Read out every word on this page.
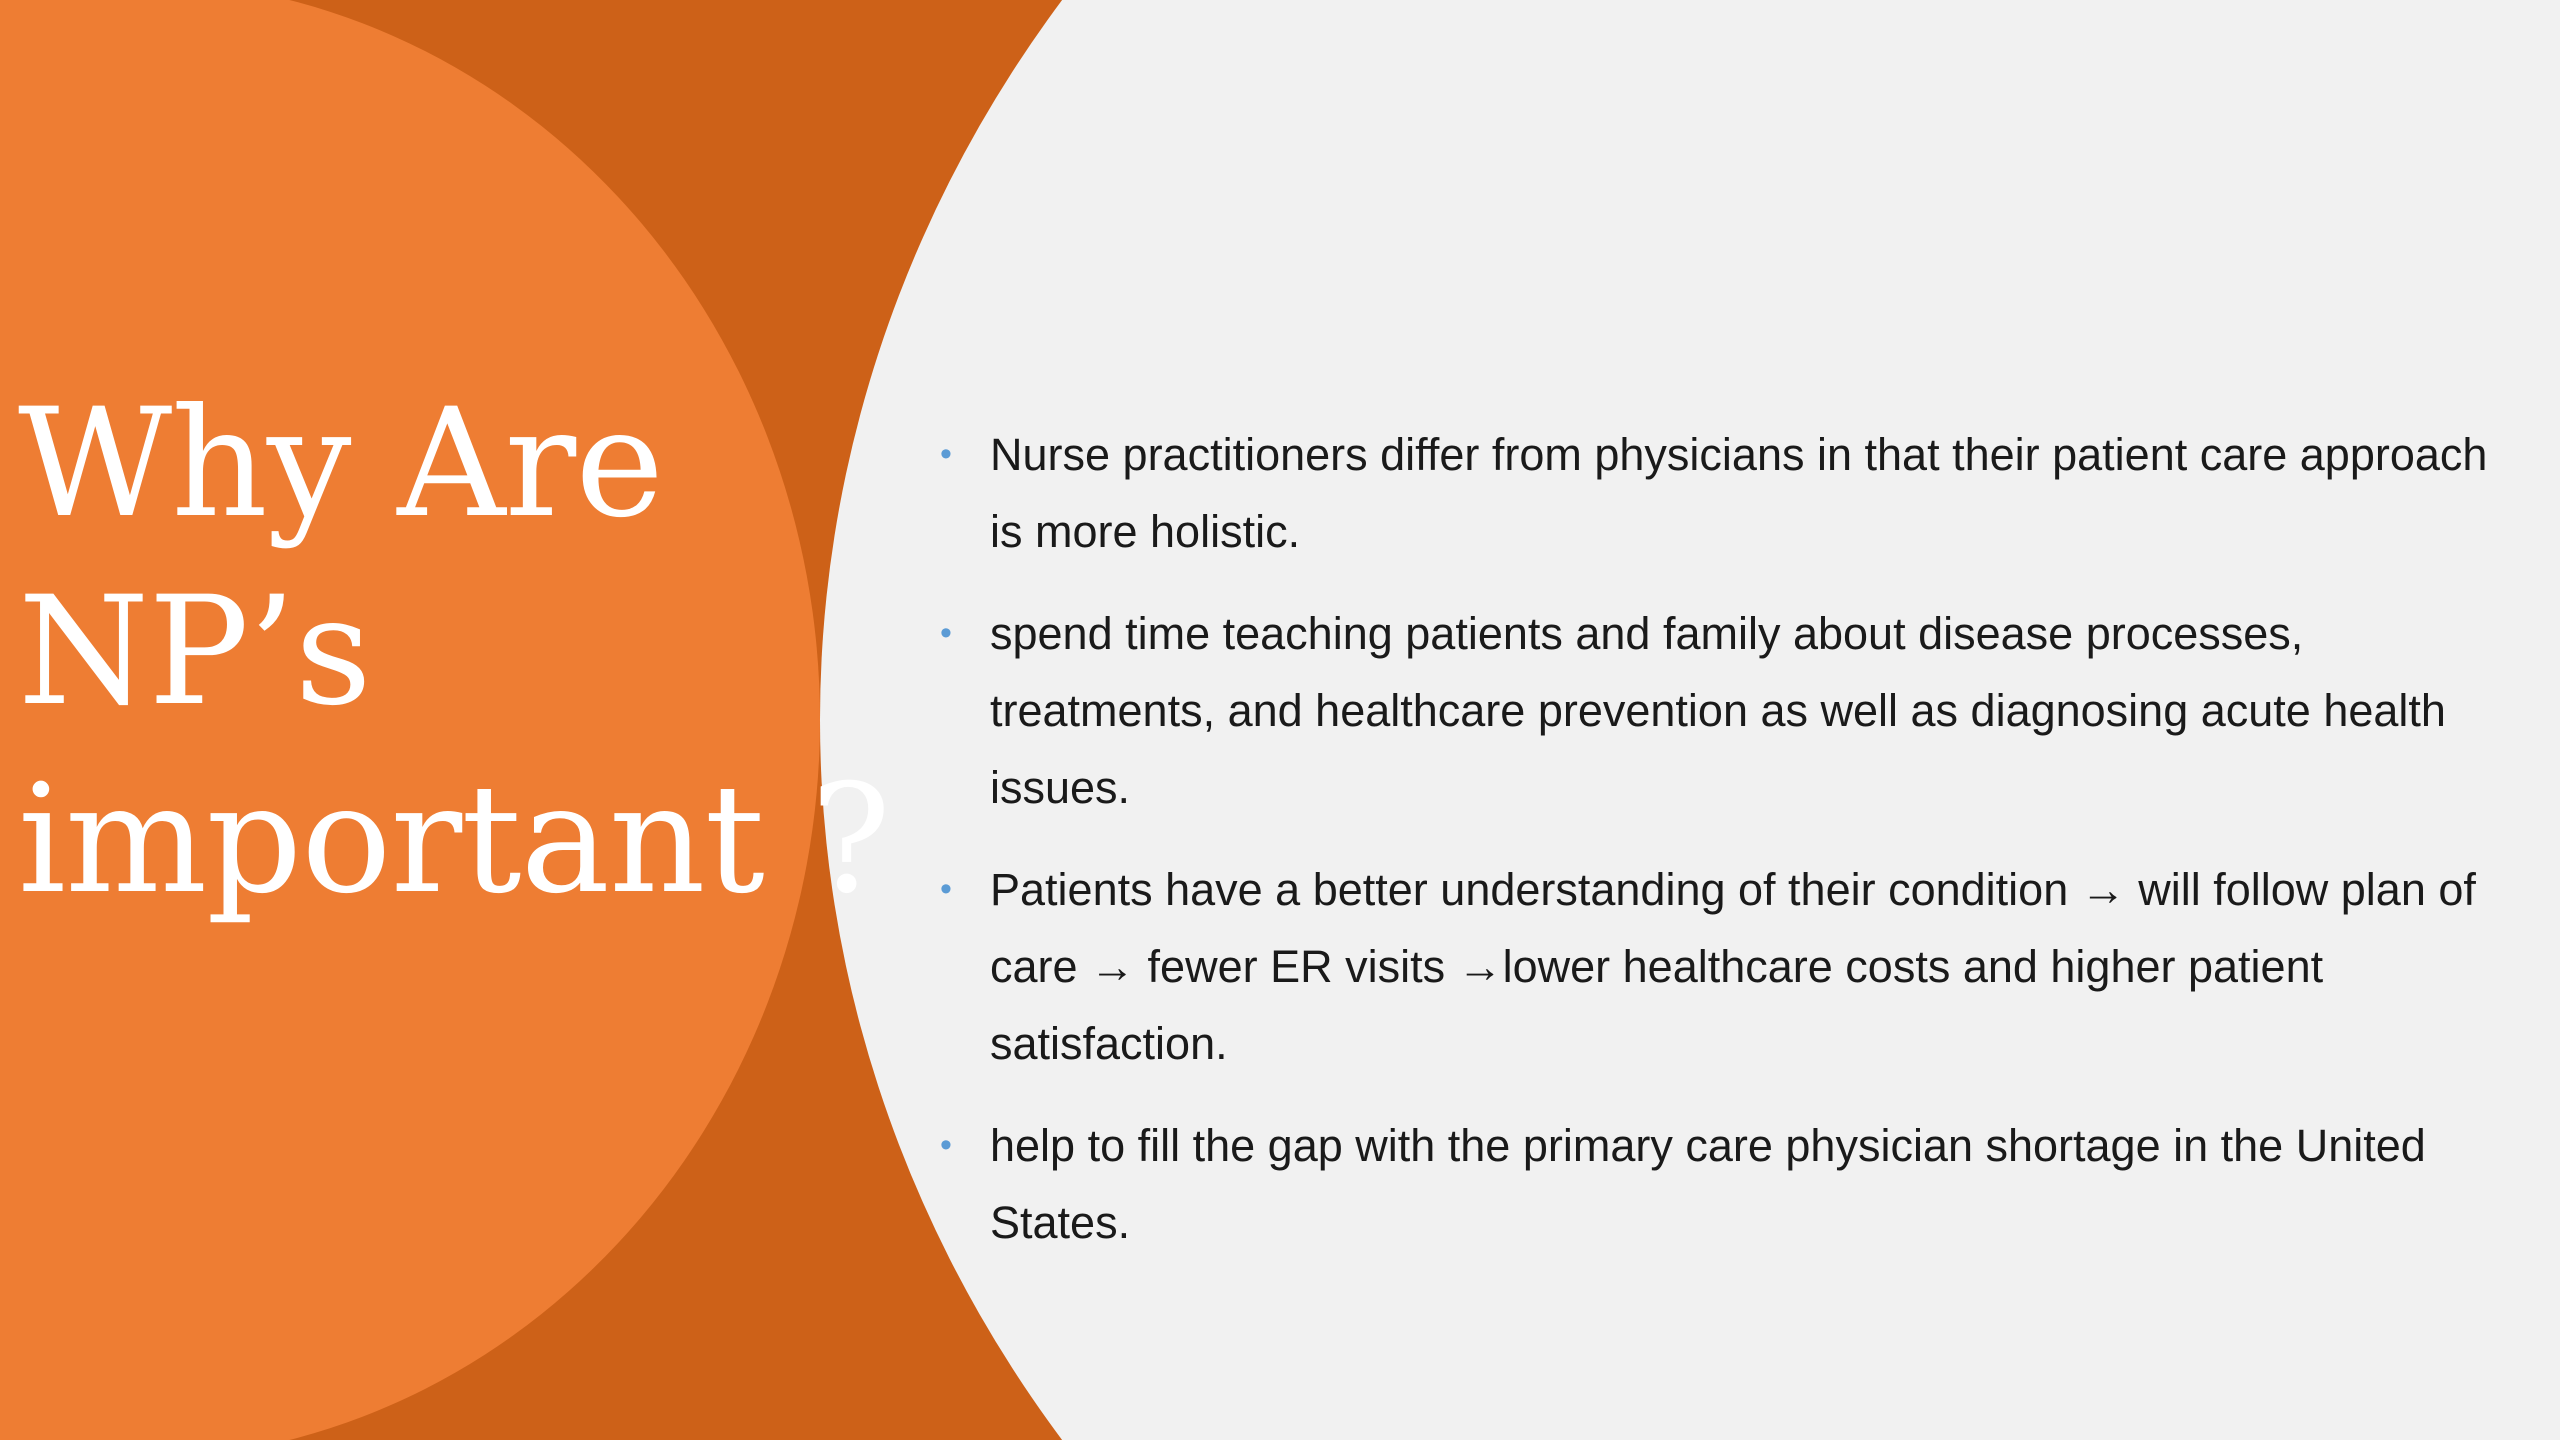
Why Are
NP’s
important ?
• Nurse practitioners differ from physicians in that their patient care approach is more holistic.
• spend time teaching patients and family about disease processes, treatments, and healthcare prevention as well as diagnosing acute health issues.
• Patients have a better understanding of their condition → will follow plan of care → fewer ER visits →lower healthcare costs and higher patient satisfaction.
• help to fill the gap with the primary care physician shortage in the United States.
